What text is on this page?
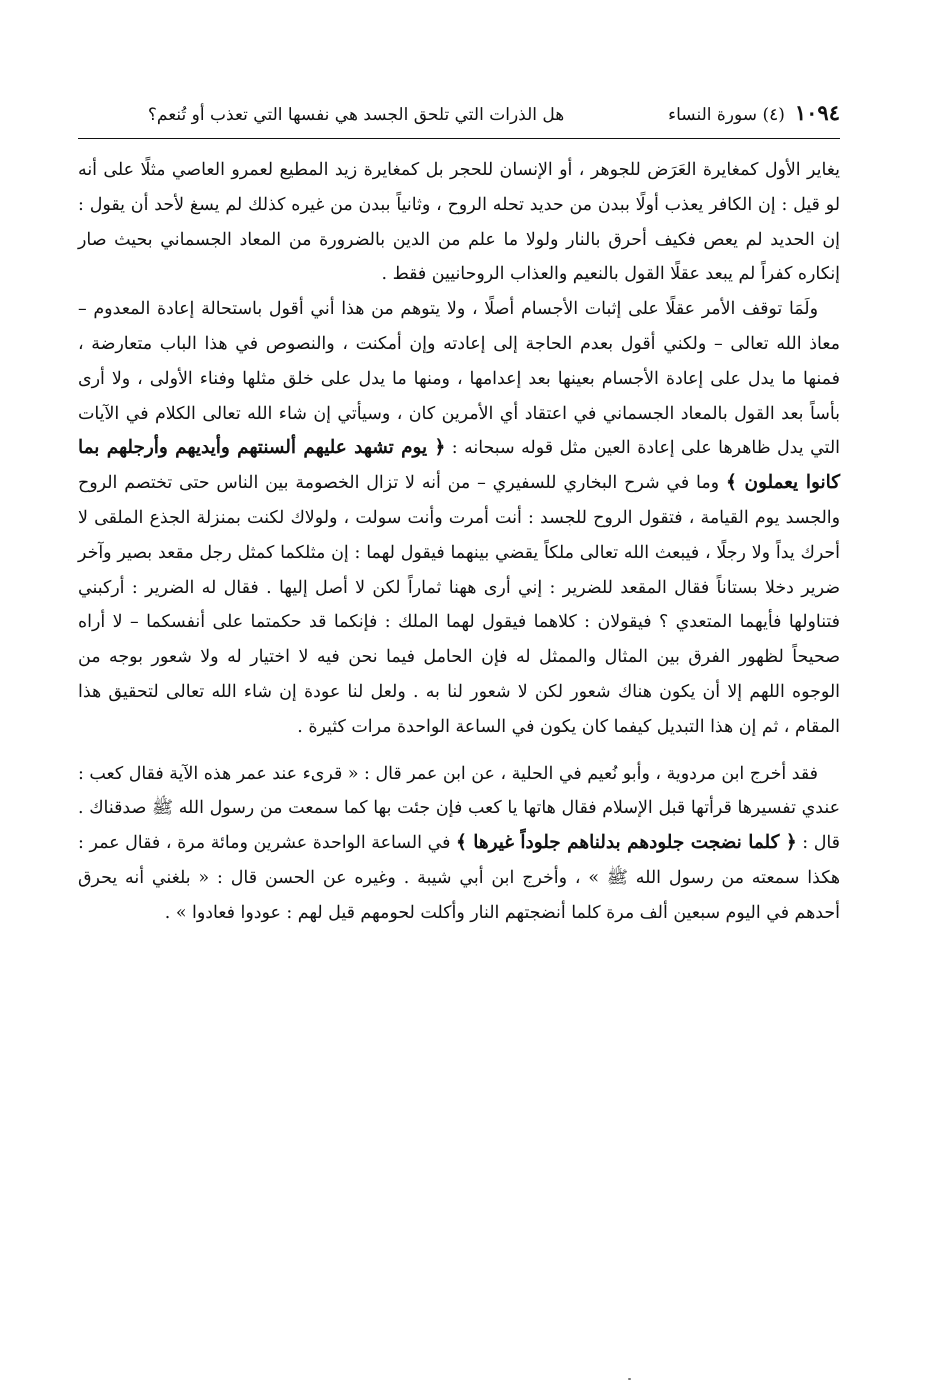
١٠٩٤
(٤) سورة النساء
هل الذرات التي تلحق الجسد هي نفسها التي تعذب أو تُنعم؟

يغاير الأول كمغايرة العَرَض للجوهر ، أو الإنسان للحجر بل كمغايرة زيد المطيع لعمرو العاصي مثلًا على أنه لو قيل : إن الكافر يعذب أولًا ببدن من حديد تحله الروح ، وثانياً ببدن من غيره كذلك لم يسغ لأحد أن يقول : إن الحديد لم يعص فكيف أحرق بالنار ولولا ما علم من الدين بالضرورة من المعاد الجسماني بحيث صار إنكاره كفراً لم يبعد عقلًا القول بالنعيم والعذاب الروحانيين فقط .

ولَمَا توقف الأمر عقلًا على إثبات الأجسام أصلًا ، ولا يتوهم من هذا أني أقول باستحالة إعادة المعدوم – معاذ الله تعالى – ولكني أقول بعدم الحاجة إلى إعادته وإن أمكنت ، والنصوص في هذا الباب متعارضة ، فمنها ما يدل على إعادة الأجسام بعينها بعد إعدامها ، ومنها ما يدل على خلق مثلها وفناء الأولى ، ولا أرى بأساً بعد القول بالمعاد الجسماني في اعتقاد أي الأمرين كان ، وسيأتي إن شاء الله تعالى الكلام في الآيات التي يدل ظاهرها على إعادة العين مثل قوله سبحانه : ﴿ يوم تشهد عليهم ألسنتهم وأيديهم وأرجلهم بما كانوا يعملون ﴾ وما في شرح البخاري للسفيري – من أنه لا تزال الخصومة بين الناس حتى تختصم الروح والجسد يوم القيامة ، فتقول الروح للجسد : أنت أمرت وأنت سولت ، ولولاك لكنت بمنزلة الجذع الملقى لا أحرك يداً ولا رجلًا ، فيبعث الله تعالى ملكاً يقضي بينهما فيقول لهما : إن مثلكما كمثل رجل مقعد بصير وآخر ضرير دخلا بستاناً فقال المقعد للضرير : إني أرى ههنا ثماراً لكن لا أصل إليها . فقال له الضرير : أركبني فتناولها فأيهما المتعدي ؟ فيقولان : كلاهما فيقول لهما الملك : فإنكما قد حكمتما على أنفسكما – لا أراه صحيحاً لظهور الفرق بين المثال والممثل له فإن الحامل فيما نحن فيه لا اختيار له ولا شعور بوجه من الوجوه اللهم إلا أن يكون هناك شعور لكن لا شعور لنا به . ولعل لنا عودة إن شاء الله تعالى لتحقيق هذا المقام ، ثم إن هذا التبديل كيفما كان يكون في الساعة الواحدة مرات كثيرة .

فقد أخرج ابن مردوية ، وأبو نُعيم في الحلية ، عن ابن عمر قال : « قرىء عند عمر هذه الآية فقال كعب : عندي تفسيرها قرأتها قبل الإسلام فقال هاتها يا كعب فإن جئت بها كما سمعت من رسول الله ﷺ صدقناك . قال : ﴿ كلما نضجت جلودهم بدلناهم جلوداً غيرها ﴾ في الساعة الواحدة عشرين ومائة مرة ، فقال عمر : هكذا سمعته من رسول الله ﷺ » ، وأخرج ابن أبي شيبة . وغيره عن الحسن قال : « بلغني أنه يحرق أحدهم في اليوم سبعين ألف مرة كلما أنضجتهم النار وأكلت لحومهم قيل لهم : عودوا فعادوا » .
